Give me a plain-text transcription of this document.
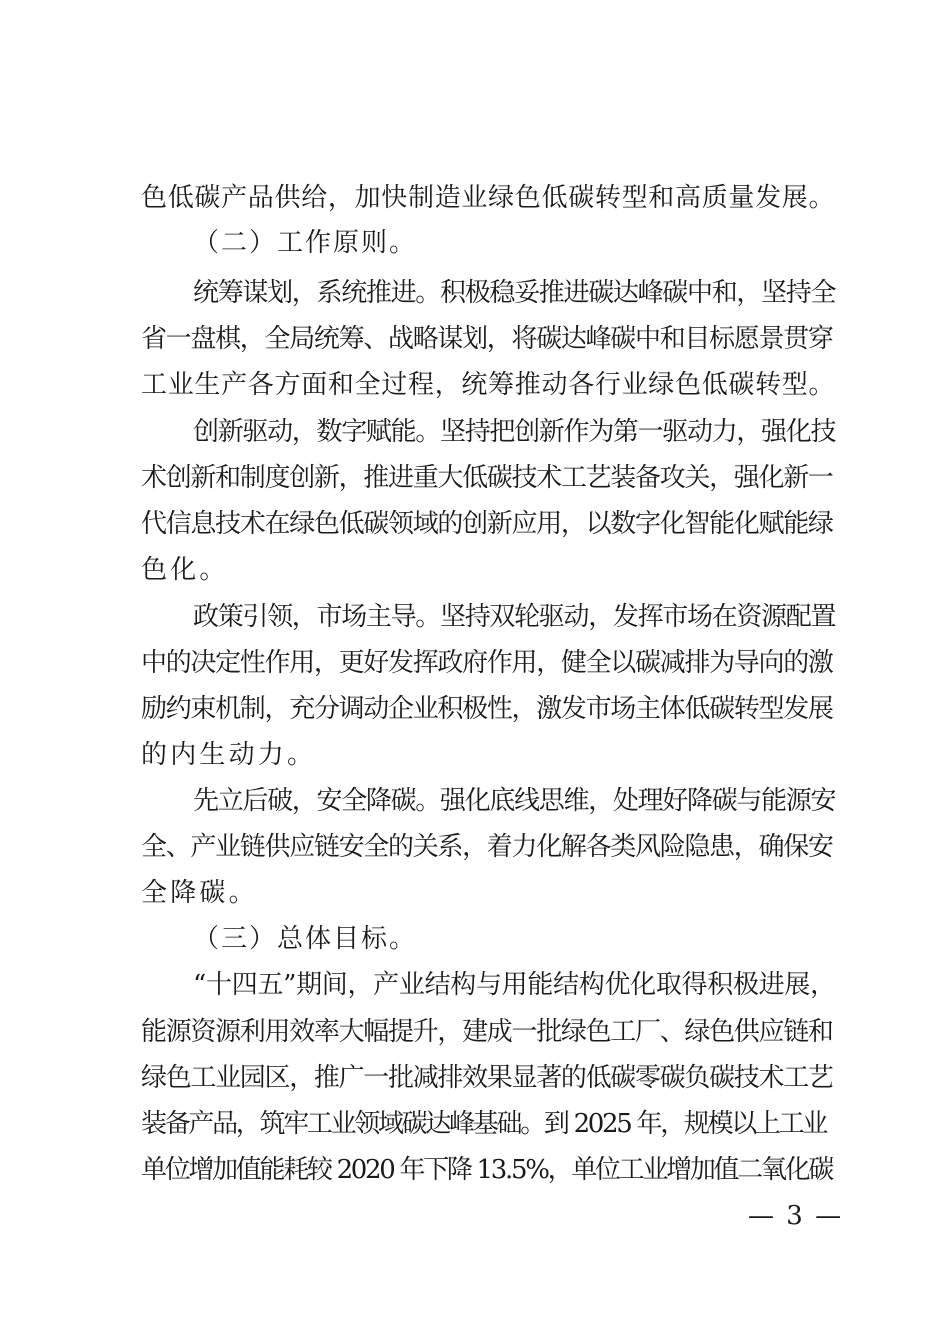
色低碳产品供给，加快制造业绿色低碳转型和高质量发展。
（二）工作原则。
统筹谋划，系统推进。积极稳妥推进碳达峰碳中和，坚持全
省一盘棋，全局统筹、战略谋划，将碳达峰碳中和目标愿景贯穿
工业生产各方面和全过程，统筹推动各行业绿色低碳转型。
创新驱动，数字赋能。坚持把创新作为第一驱动力，强化技
术创新和制度创新，推进重大低碳技术工艺装备攻关，强化新一
代信息技术在绿色低碳领域的创新应用，以数字化智能化赋能绿
色化。
政策引领，市场主导。坚持双轮驱动，发挥市场在资源配置
中的决定性作用，更好发挥政府作用，健全以碳减排为导向的激
励约束机制，充分调动企业积极性，激发市场主体低碳转型发展
的内生动力。
先立后破，安全降碳。强化底线思维，处理好降碳与能源安
全、产业链供应链安全的关系，着力化解各类风险隐患，确保安
全降碳。
（三）总体目标。
“十四五”期间，产业结构与用能结构优化取得积极进展，
能源资源利用效率大幅提升，建成一批绿色工厂、绿色供应链和
绿色工业园区，推广一批减排效果显著的低碳零碳负碳技术工艺
装备产品，筑牢工业领域碳达峰基础。到 2025 年，规模以上工业
单位增加值能耗较 2020 年下降 13.5%，单位工业增加值二氧化碳
— 3 —
